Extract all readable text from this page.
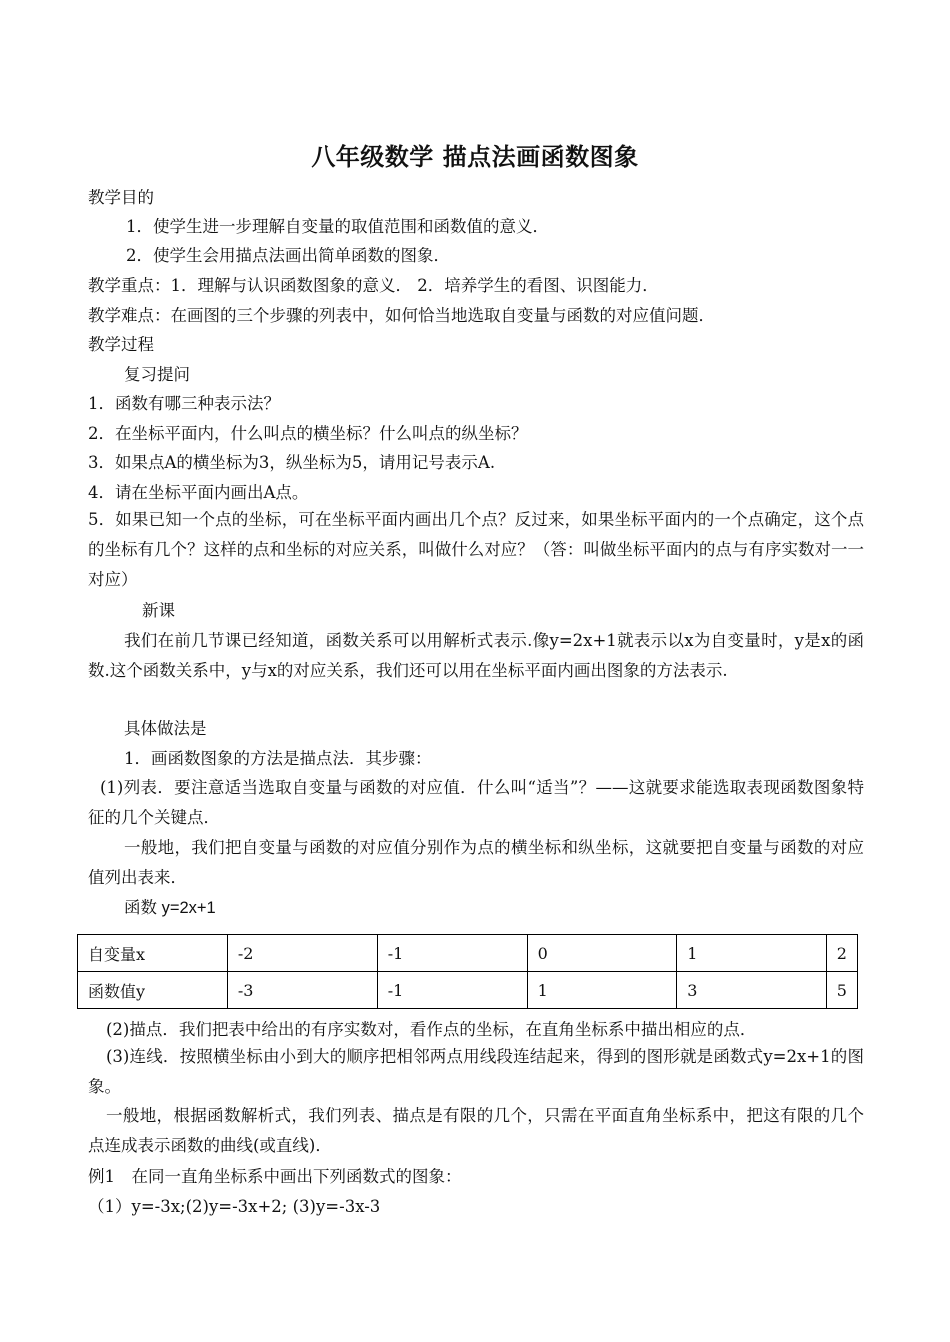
八年级数学 描点法画函数图象
教学目的
1．使学生进一步理解自变量的取值范围和函数值的意义．
2．使学生会用描点法画出简单函数的图象．
教学重点：1．理解与认识函数图象的意义． 2．培养学生的看图、识图能力．
教学难点：在画图的三个步骤的列表中，如何恰当地选取自变量与函数的对应值问题．
教学过程
复习提问
1．函数有哪三种表示法？
2．在坐标平面内，什么叫点的横坐标？什么叫点的纵坐标？
3．如果点A的横坐标为3，纵坐标为5，请用记号表示A.
4．请在坐标平面内画出A点。
5．如果已知一个点的坐标，可在坐标平面内画出几个点？反过来，如果坐标平面内的一个点确定，这个点的坐标有几个？这样的点和坐标的对应关系，叫做什么对应？（答：叫做坐标平面内的点与有序实数对一一对应）
新课
我们在前几节课已经知道，函数关系可以用解析式表示.像y=2x+1就表示以x为自变量时，y是x的函数.这个函数关系中，y与x的对应关系，我们还可以用在坐标平面内画出图象的方法表示.
具体做法是
1．画函数图象的方法是描点法．其步骤：
(1)列表．要注意适当选取自变量与函数的对应值．什么叫“适当”？——这就要求能选取表现函数图象特征的几个关键点．
一般地，我们把自变量与函数的对应值分别作为点的横坐标和纵坐标，这就要把自变量与函数的对应值列出表来．
函数 y=2x+1
自变量x	-2	-1	0	1	2
函数值y	-3	-1	1	3	5
(2)描点．我们把表中给出的有序实数对，看作点的坐标，在直角坐标系中描出相应的点．
(3)连线．按照横坐标由小到大的顺序把相邻两点用线段连结起来，得到的图形就是函数式y=2x+1的图象。
一般地，根据函数解析式，我们列表、描点是有限的几个，只需在平面直角坐标系中，把这有限的几个点连成表示函数的曲线(或直线)．
例1　在同一直角坐标系中画出下列函数式的图象：
（1）y=-3x;(2)y=-3x+2; (3)y=-3x-3
